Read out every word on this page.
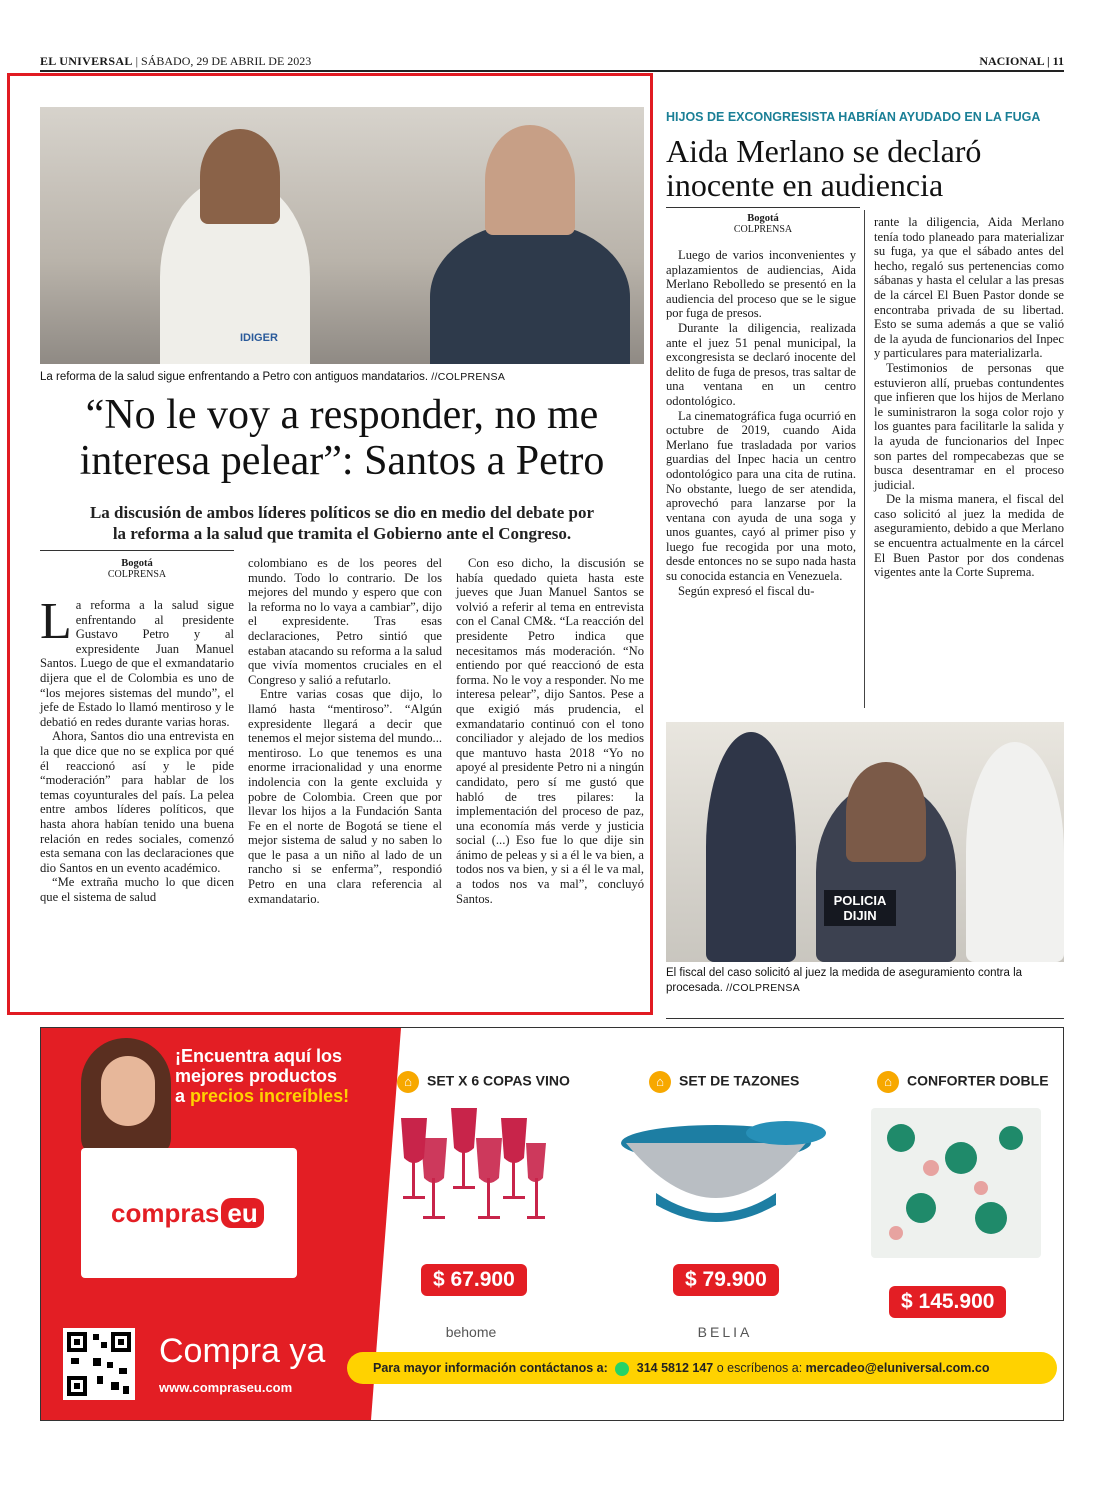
EL UNIVERSAL | SÁBADO, 29 DE ABRIL DE 2023	NACIONAL | 11
IDIGER
La reforma de la salud sigue enfrentando a Petro con antiguos mandatarios. //COLPRENSA
“No le voy a responder, no me
interesa pelear”: Santos a Petro
La discusión de ambos líderes políticos se dio en medio del debate por
la reforma a la salud que tramita el Gobierno ante el Congreso.
Bogotá
COLPRENSA
L a reforma a la salud sigue enfrentando al presidente Gustavo Petro y al expresidente Juan Manuel Santos. Luego de que el exmandatario dijera que el de Colombia es uno de “los mejores sistemas del mundo”, el jefe de Estado lo llamó mentiroso y le debatió en redes durante varias horas.

Ahora, Santos dio una entrevista en la que dice que no se explica por qué él reaccionó así y le pide “moderación” para hablar de los temas coyunturales del país. La pelea entre ambos líderes políticos, que hasta ahora habían tenido una buena relación en redes sociales, comenzó esta semana con las declaraciones que dio Santos en un evento académico.

“Me extraña mucho lo que dicen que el sistema de salud

colombiano es de los peores del mundo. Todo lo contrario. De los mejores del mundo y espero que con la reforma no lo vaya a cambiar”, dijo el expresidente. Tras esas declaraciones, Petro sintió que estaban atacando su reforma a la salud que vivía momentos cruciales en el Congreso y salió a refutarlo.

Entre varias cosas que dijo, lo llamó hasta “mentiroso”. “Algún expresidente llegará a decir que tenemos el mejor sistema del mundo... mentiroso. Lo que tenemos es una enorme irracionalidad y una enorme indolencia con la gente excluida y pobre de Colombia. Creen que por llevar los hijos a la Fundación Santa Fe en el norte de Bogotá se tiene el mejor sistema de salud y no saben lo que le pasa a un niño al lado de un rancho si se enferma”, respondió Petro en una clara referencia al exmandatario.

Con eso dicho, la discusión se había quedado quieta hasta este jueves que Juan Manuel Santos se volvió a referir al tema en entrevista con el Canal CM&. “La reacción del presidente Petro indica que necesitamos más moderación. “No entiendo por qué reaccionó de esta forma. No le voy a responder. No me interesa pelear”, dijo Santos. Pese a que exigió más prudencia, el exmandatario continuó con el tono conciliador y alejado de los medios que mantuvo hasta 2018 “Yo no apoyé al presidente Petro ni a ningún candidato, pero sí me gustó que habló de tres pilares: la implementación del proceso de paz, una economía más verde y justicia social (...) Eso fue lo que dije sin ánimo de peleas y si a él le va bien, a todos nos va bien, y si a él le va mal, a todos nos va mal”, concluyó Santos.

HIJOS DE EXCONGRESISTA HABRÍAN AYUDADO EN LA FUGA
Aida Merlano se declaró
inocente en audiencia
Bogotá
COLPRENSA

Luego de varios inconvenientes y aplazamientos de audiencias, Aida Merlano Rebolledo se presentó en la audiencia del proceso que se le sigue por fuga de presos.

Durante la diligencia, realizada ante el juez 51 penal municipal, la excongresista se declaró inocente del delito de fuga de presos, tras saltar de una ventana en un centro odontológico.

La cinematográfica fuga ocurrió en octubre de 2019, cuando Aida Merlano fue trasladada por varios guardias del Inpec hacia un centro odontológico para una cita de rutina. No obstante, luego de ser atendida, aprovechó para lanzarse por la ventana con ayuda de una soga y unos guantes, cayó al primer piso y luego fue recogida por una moto, desde entonces no se supo nada hasta su conocida estancia en Venezuela.

Según expresó el fiscal du-

rante la diligencia, Aida Merlano tenía todo planeado para materializar su fuga, ya que el sábado antes del hecho, regaló sus pertenencias como sábanas y hasta el celular a las presas de la cárcel El Buen Pastor donde se encontraba privada de su libertad. Esto se suma además a que se valió de la ayuda de funcionarios del Inpec y particulares para materializarla.

Testimonios de personas que estuvieron allí, pruebas contundentes que infieren que los hijos de Merlano le suministraron la soga color rojo y los guantes para facilitarle la salida y la ayuda de funcionarios del Inpec son partes del rompecabezas que se busca desentramar en el proceso judicial.

De la misma manera, el fiscal del caso solicitó al juez la medida de aseguramiento, debido a que Merlano se encuentra actualmente en la cárcel El Buen Pastor por dos condenas vigentes ante la Corte Suprema.

POLICIA
DIJIN
El fiscal del caso solicitó al juez la medida de aseguramiento contra la procesada. //COLPRENSA
¡Encuentra aquí los
mejores productos
a precios increíbles!
compras eu
Compra ya
www.compraseu.com
⌂ SET X 6 COPAS VINO
$ 67.900
behome
⌂ SET DE TAZONES
$ 79.900
BELIA
⌂ CONFORTER DOBLE
$ 145.900
Para mayor información contáctanos a: 314 5812 147 o escríbenos a: mercadeo@eluniversal.com.co
